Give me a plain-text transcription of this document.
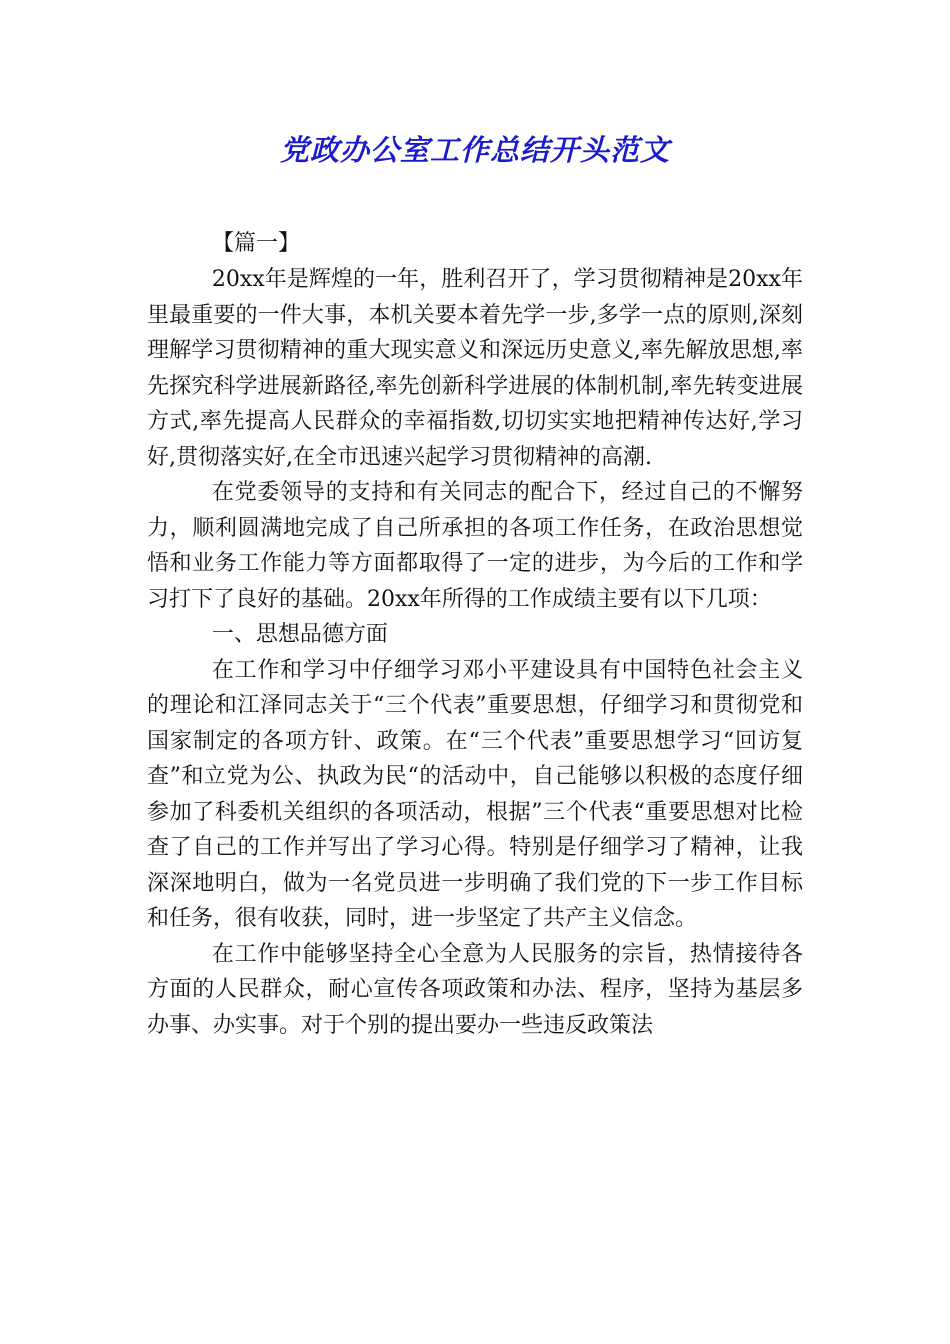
党政办公室工作总结开头范文
【篇一】

20xx年是辉煌的一年，胜利召开了，学习贯彻精神是20xx年里最重要的一件大事，本机关要本着先学一步,多学一点的原则,深刻理解学习贯彻精神的重大现实意义和深远历史意义,率先解放思想,率先探究科学进展新路径,率先创新科学进展的体制机制,率先转变进展方式,率先提高人民群众的幸福指数,切切实实地把精神传达好,学习好,贯彻落实好,在全市迅速兴起学习贯彻精神的高潮.

在党委领导的支持和有关同志的配合下，经过自己的不懈努力，顺利圆满地完成了自己所承担的各项工作任务，在政治思想觉悟和业务工作能力等方面都取得了一定的进步，为今后的工作和学习打下了良好的基础。20xx年所得的工作成绩主要有以下几项：

一、思想品德方面

在工作和学习中仔细学习邓小平建设具有中国特色社会主义的理论和江泽同志关于“三个代表”重要思想，仔细学习和贯彻党和国家制定的各项方针、政策。在“三个代表”重要思想学习“回访复查”和立党为公、执政为民“的活动中，自己能够以积极的态度仔细参加了科委机关组织的各项活动，根据”三个代表“重要思想对比检查了自己的工作并写出了学习心得。特别是仔细学习了精神，让我深深地明白，做为一名党员进一步明确了我们党的下一步工作目标和任务，很有收获，同时，进一步坚定了共产主义信念。

在工作中能够坚持全心全意为人民服务的宗旨，热情接待各方面的人民群众，耐心宣传各项政策和办法、程序，坚持为基层多办事、办实事。对于个别的提出要办一些违反政策法
